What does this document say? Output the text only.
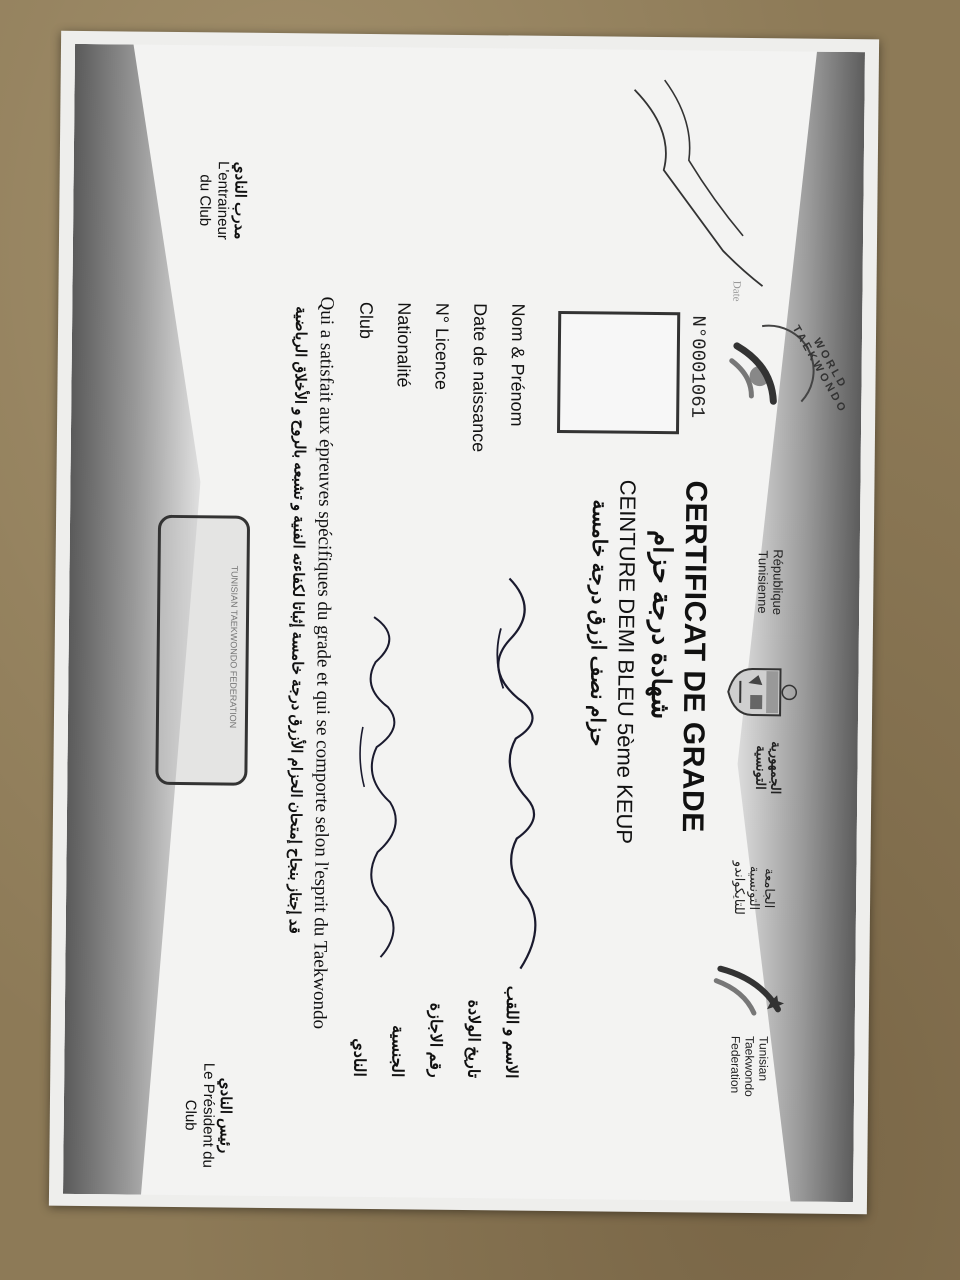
WORLD TAEKWONDO
République
Tunisienne
الجمهورية
التونسية
الجامعة
التونسية
للتايكواندو
Tunisian
Taekwondo
Federation
Date
N°0001061
CERTIFICAT DE GRADE
شهادة درجة حزام
CEINTURE DEMI BLEU 5ème KEUP
حزام نصف ازرق درجة خامسة
Nom & Prénom
Date de naissance
N° Licence
Nationalité
Club
الاسم و اللقب
تاريخ الولادة
رقم الاجازة
الجنسية
النادي
Qui a satisfait aux épreuves spécifiques du grade et qui se comporte selon l'esprit du Taekwondo
قد إجتاز بنجاح إمتحان الحزام الأزرق درجة خامسة إثباتا لكفاءته الفنية و تشبعه بالروح و الأخلاق الرياضية
مدرب النادي
L'entraineur
du Club
TUNISIAN TAEKWONDO FEDERATION
رئيس النادي
Le Président du
Club
